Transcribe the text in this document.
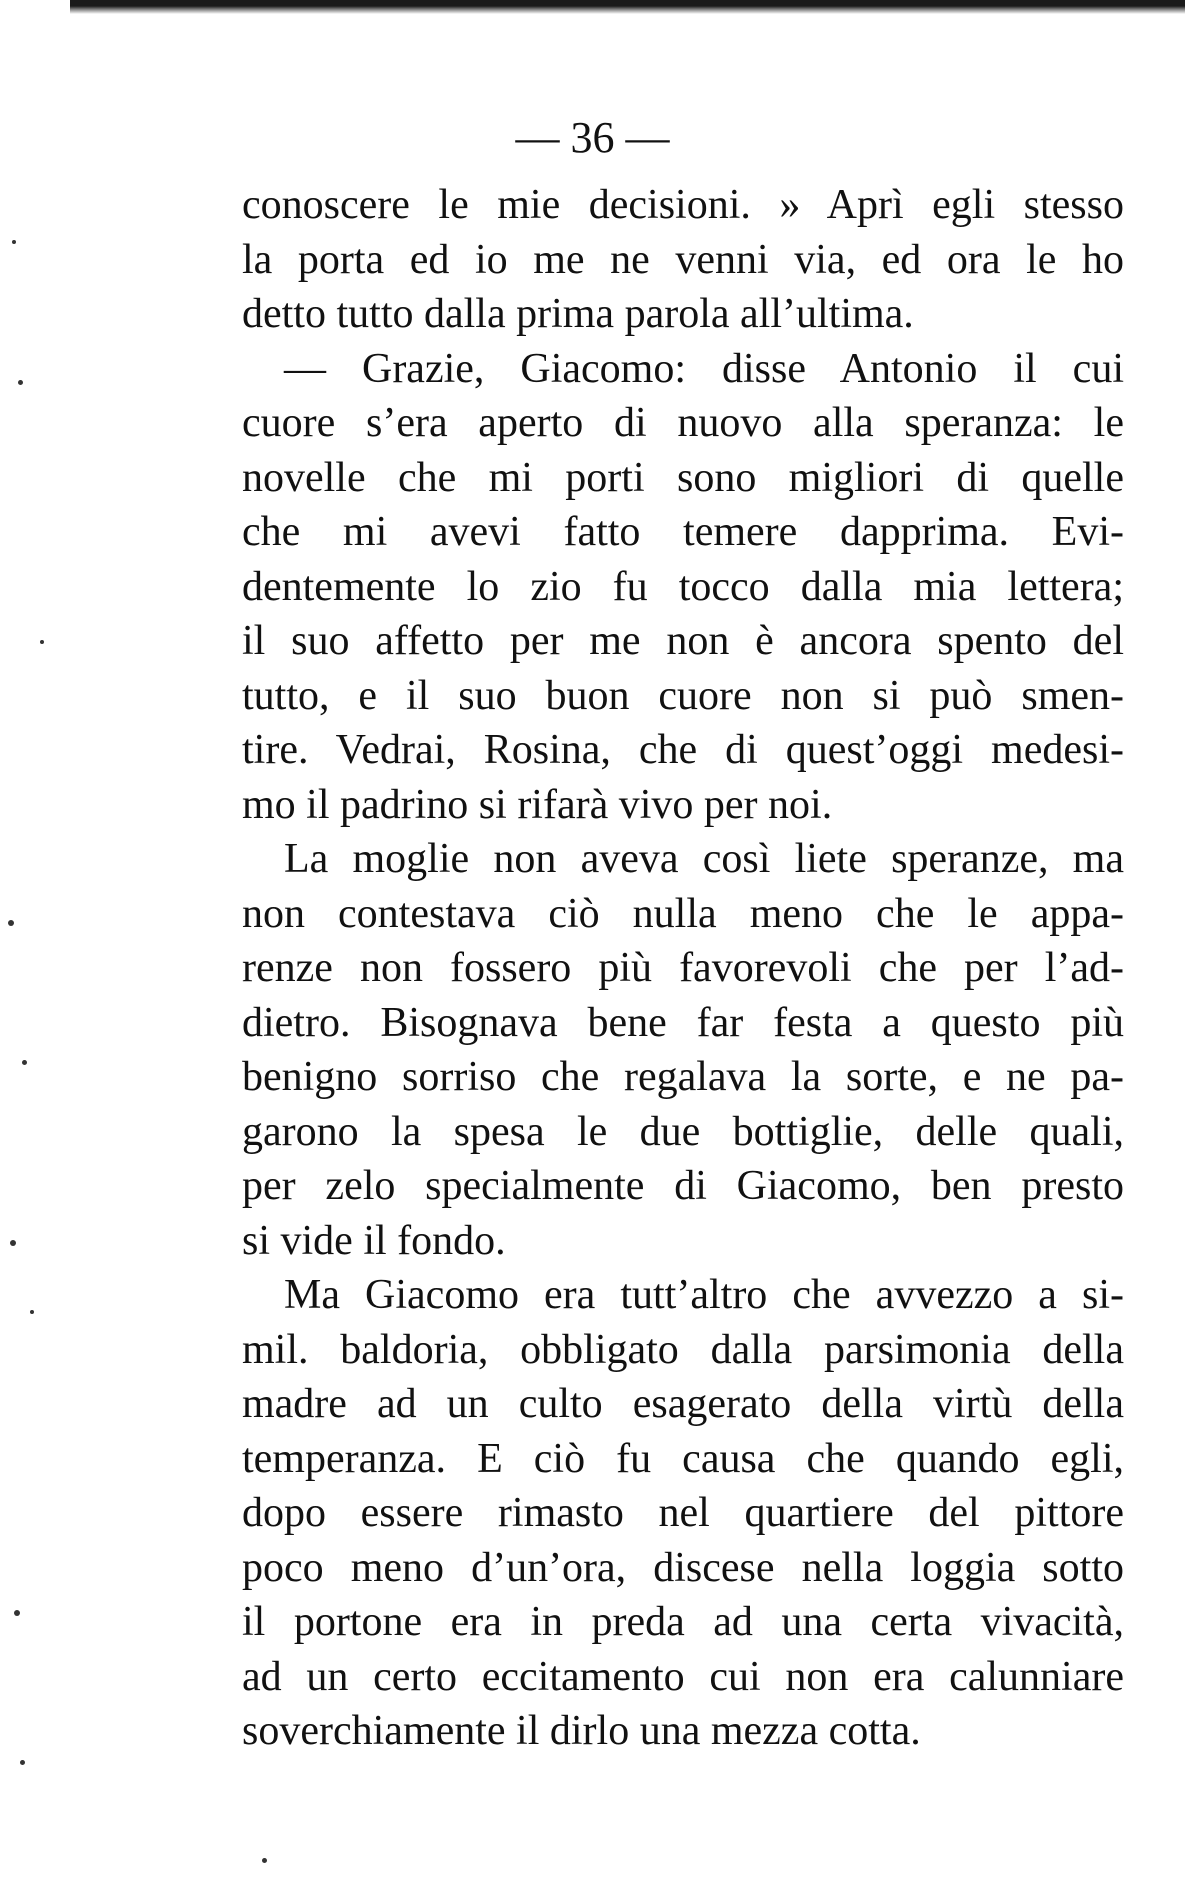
— 36 —
conoscere le mie decisioni. » Aprì egli stesso
la porta ed io me ne venni via, ed ora le ho
detto tutto dalla prima parola all’ultima.
— Grazie, Giacomo: disse Antonio il cui
cuore s’era aperto di nuovo alla speranza: le
novelle che mi porti sono migliori di quelle
che mi avevi fatto temere dapprima. Evi-
dentemente lo zio fu tocco dalla mia lettera;
il suo affetto per me non è ancora spento del
tutto, e il suo buon cuore non si può smen-
tire. Vedrai, Rosina, che di quest’oggi medesi-
mo il padrino si rifarà vivo per noi.
La moglie non aveva così liete speranze, ma
non contestava ciò nulla meno che le appa-
renze non fossero più favorevoli che per l’ad-
dietro. Bisognava bene far festa a questo più
benigno sorriso che regalava la sorte, e ne pa-
garono la spesa le due bottiglie, delle quali,
per zelo specialmente di Giacomo, ben presto
si vide il fondo.
Ma Giacomo era tutt’altro che avvezzo a si-
mil. baldoria, obbligato dalla parsimonia della
madre ad un culto esagerato della virtù della
temperanza. E ciò fu causa che quando egli,
dopo essere rimasto nel quartiere del pittore
poco meno d’un’ora, discese nella loggia sotto
il portone era in preda ad una certa vivacità,
ad un certo eccitamento cui non era calunniare
soverchiamente il dirlo una mezza cotta.
